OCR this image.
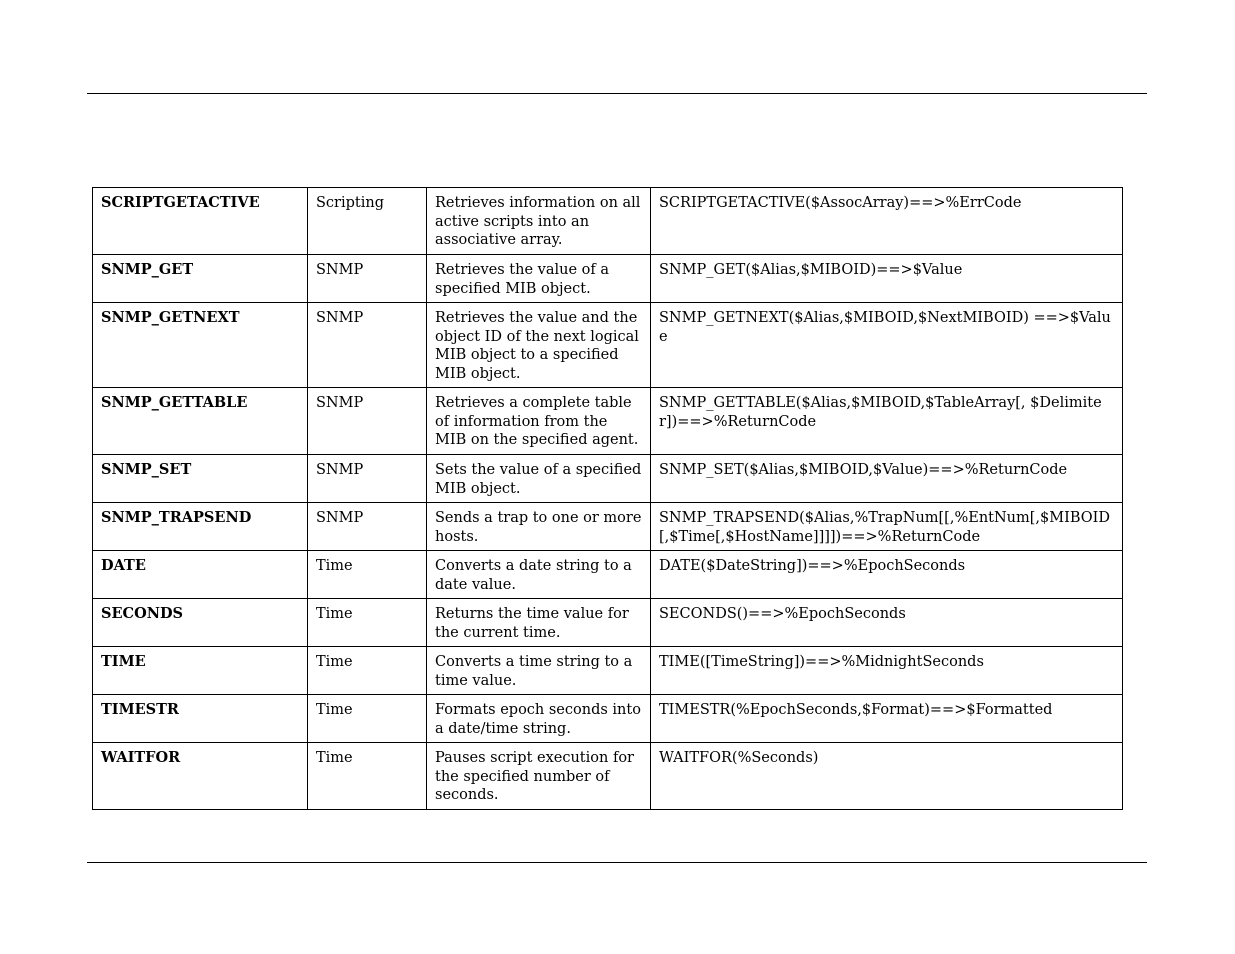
SCRIPTGETACTIVE	Scripting	Retrieves information on all active scripts into an associative array.	SCRIPTGETACTIVE($AssocArray)==>%ErrCode
SNMP_GET	SNMP	Retrieves the value of a specified MIB object.	SNMP_GET($Alias,$MIBOID)==>$Value
SNMP_GETNEXT	SNMP	Retrieves the value and the object ID of the next logical MIB object to a specified MIB object.	SNMP_GETNEXT($Alias,$MIBOID,$NextMIBOID) ==>$Value
SNMP_GETTABLE	SNMP	Retrieves a complete table of information from the MIB on the specified agent.	SNMP_GETTABLE($Alias,$MIBOID,$TableArray[, $Delimiter])==>%ReturnCode
SNMP_SET	SNMP	Sets the value of a specified MIB object.	SNMP_SET($Alias,$MIBOID,$Value)==>%ReturnCode
SNMP_TRAPSEND	SNMP	Sends a trap to one or more hosts.	SNMP_TRAPSEND($Alias,%TrapNum[[,%EntNum[,$MIBOID[,$Time[,$HostName]]]])==>%ReturnCode
DATE	Time	Converts a date string to a date value.	DATE($DateString])==>%EpochSeconds
SECONDS	Time	Returns the time value for the current time.	SECONDS()==>%EpochSeconds
TIME	Time	Converts a time string to a time value.	TIME([TimeString])==>%MidnightSeconds
TIMESTR	Time	Formats epoch seconds into a date/time string.	TIMESTR(%EpochSeconds,$Format)==>$Formatted
WAITFOR	Time	Pauses script execution for the specified number of seconds.	WAITFOR(%Seconds)
